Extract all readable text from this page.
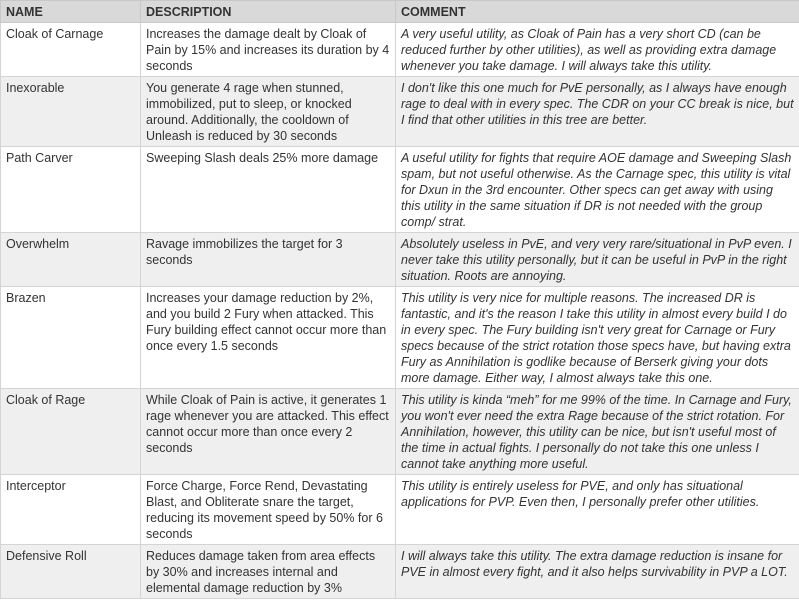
NAME	DESCRIPTION	COMMENT
Cloak of Carnage	Increases the damage dealt by Cloak of Pain by 15% and increases its duration by 4 seconds	A very useful utility, as Cloak of Pain has a very short CD (can be reduced further by other utilities), as well as providing extra damage whenever you take damage. I will always take this utility.
Inexorable	You generate 4 rage when stunned, immobilized, put to sleep, or knocked around. Additionally, the cooldown of Unleash is reduced by 30 seconds	I don't like this one much for PvE personally, as I always have enough rage to deal with in every spec. The CDR on your CC break is nice, but I find that other utilities in this tree are better.
Path Carver	Sweeping Slash deals 25% more damage	A useful utility for fights that require AOE damage and Sweeping Slash spam, but not useful otherwise. As the Carnage spec, this utility is vital for Dxun in the 3rd encounter. Other specs can get away with using this utility in the same situation if DR is not needed with the group comp/ strat.
Overwhelm	Ravage immobilizes the target for 3 seconds	Absolutely useless in PvE, and very very rare/situational in PvP even. I never take this utility personally, but it can be useful in PvP in the right situation. Roots are annoying.
Brazen	Increases your damage reduction by 2%, and you build 2 Fury when attacked. This Fury building effect cannot occur more than once every 1.5 seconds	This utility is very nice for multiple reasons. The increased DR is fantastic, and it's the reason I take this utility in almost every build I do in every spec. The Fury building isn't very great for Carnage or Fury specs because of the strict rotation those specs have, but having extra Fury as Annihilation is godlike because of Berserk giving your dots more damage. Either way, I almost always take this one.
Cloak of Rage	While Cloak of Pain is active, it generates 1 rage whenever you are attacked. This effect cannot occur more than once every 2 seconds	This utility is kinda “meh” for me 99% of the time. In Carnage and Fury, you won't ever need the extra Rage because of the strict rotation. For Annihilation, however, this utility can be nice, but isn't useful most of the time in actual fights. I personally do not take this one unless I cannot take anything more useful.
Interceptor	Force Charge, Force Rend, Devastating Blast, and Obliterate snare the target, reducing its movement speed by 50% for 6 seconds	This utility is entirely useless for PVE, and only has situational applications for PVP. Even then, I personally prefer other utilities.
Defensive Roll	Reduces damage taken from area effects by 30% and increases internal and elemental damage reduction by 3%	I will always take this utility. The extra damage reduction is insane for PVE in almost every fight, and it also helps survivability in PVP a LOT.
